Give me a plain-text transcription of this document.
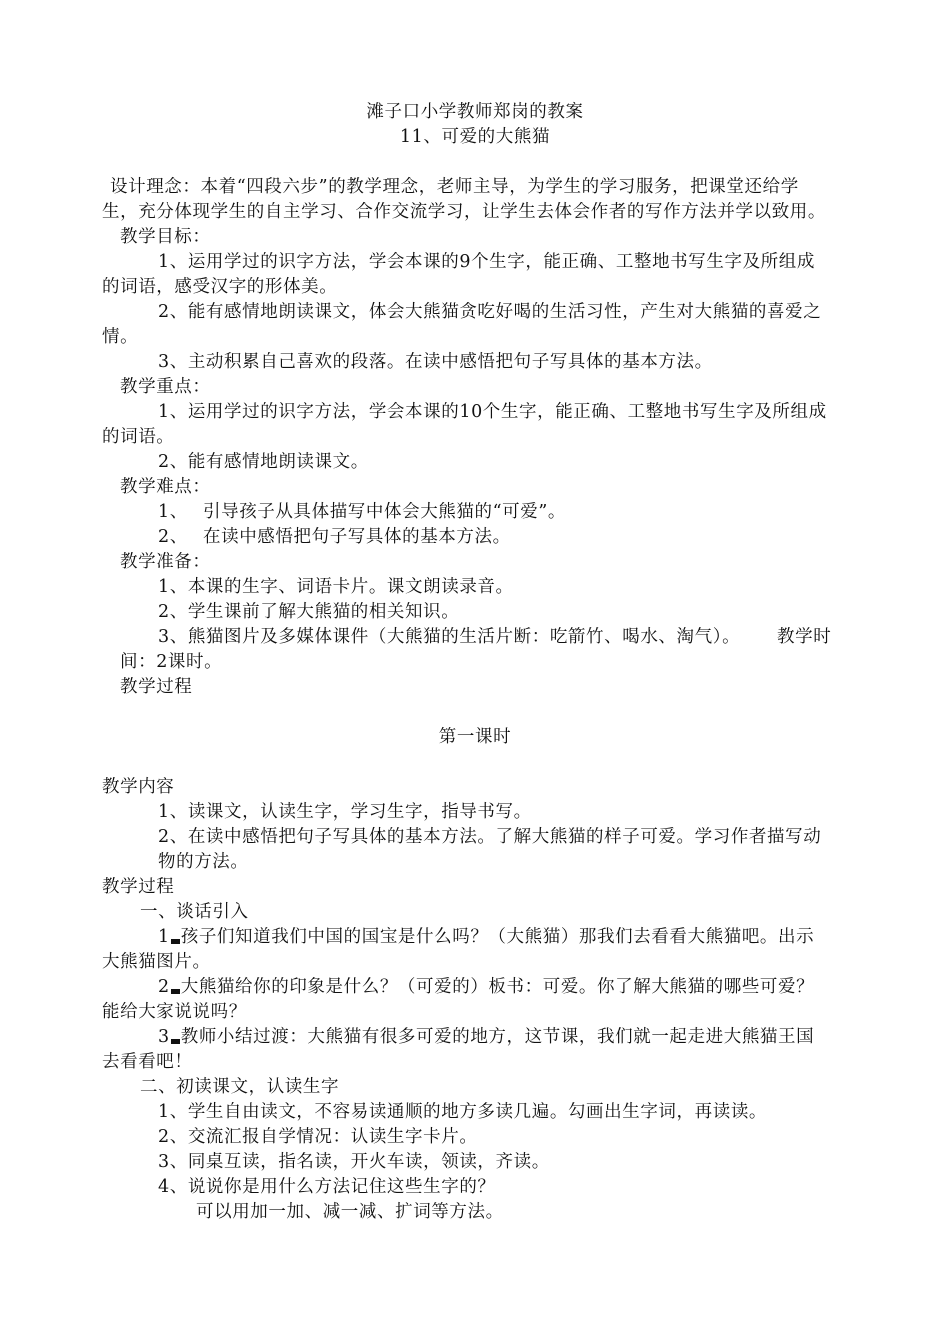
滩子口小学教师郑岗的教案
11、可爱的大熊猫
设计理念：本着“四段六步”的教学理念，老师主导，为学生的学习服务，把课堂还给学
生，充分体现学生的自主学习、合作交流学习，让学生去体会作者的写作方法并学以致用。
教学目标：
1、运用学过的识字方法，学会本课的9个生字，能正确、工整地书写生字及所组成
的词语，感受汉字的形体美。
2、能有感情地朗读课文，体会大熊猫贪吃好喝的生活习性，产生对大熊猫的喜爱之
情。
3、主动积累自己喜欢的段落。在读中感悟把句子写具体的基本方法。
教学重点：
1、运用学过的识字方法，学会本课的10个生字，能正确、工整地书写生字及所组成
的词语。
2、能有感情地朗读课文。
教学难点：
1、 引导孩子从具体描写中体会大熊猫的“可爱”。
2、 在读中感悟把句子写具体的基本方法。
教学准备：
1、本课的生字、词语卡片。课文朗读录音。
2、学生课前了解大熊猫的相关知识。
3、熊猫图片及多媒体课件（大熊猫的生活片断：吃箭竹、喝水、淘气）。 教学时
间：2课时。
教学过程
第一课时
教学内容
1、读课文，认读生字，学习生字，指导书写。
2、在读中感悟把句子写具体的基本方法。了解大熊猫的样子可爱。学习作者描写动
物的方法。
教学过程
一、谈话引入
1 孩子们知道我们中国的国宝是什么吗？（大熊猫）那我们去看看大熊猫吧。出示
大熊猫图片。
2 大熊猫给你的印象是什么？（可爱的）板书：可爱。你了解大熊猫的哪些可爱？
能给大家说说吗？
3 教师小结过渡：大熊猫有很多可爱的地方，这节课，我们就一起走进大熊猫王国
去看看吧！
二、初读课文，认读生字
1、学生自由读文，不容易读通顺的地方多读几遍。勾画出生字词，再读读。
2、交流汇报自学情况：认读生字卡片。
3、同桌互读，指名读，开火车读，领读，齐读。
4、说说你是用什么方法记住这些生字的？
可以用加一加、减一减、扩词等方法。
